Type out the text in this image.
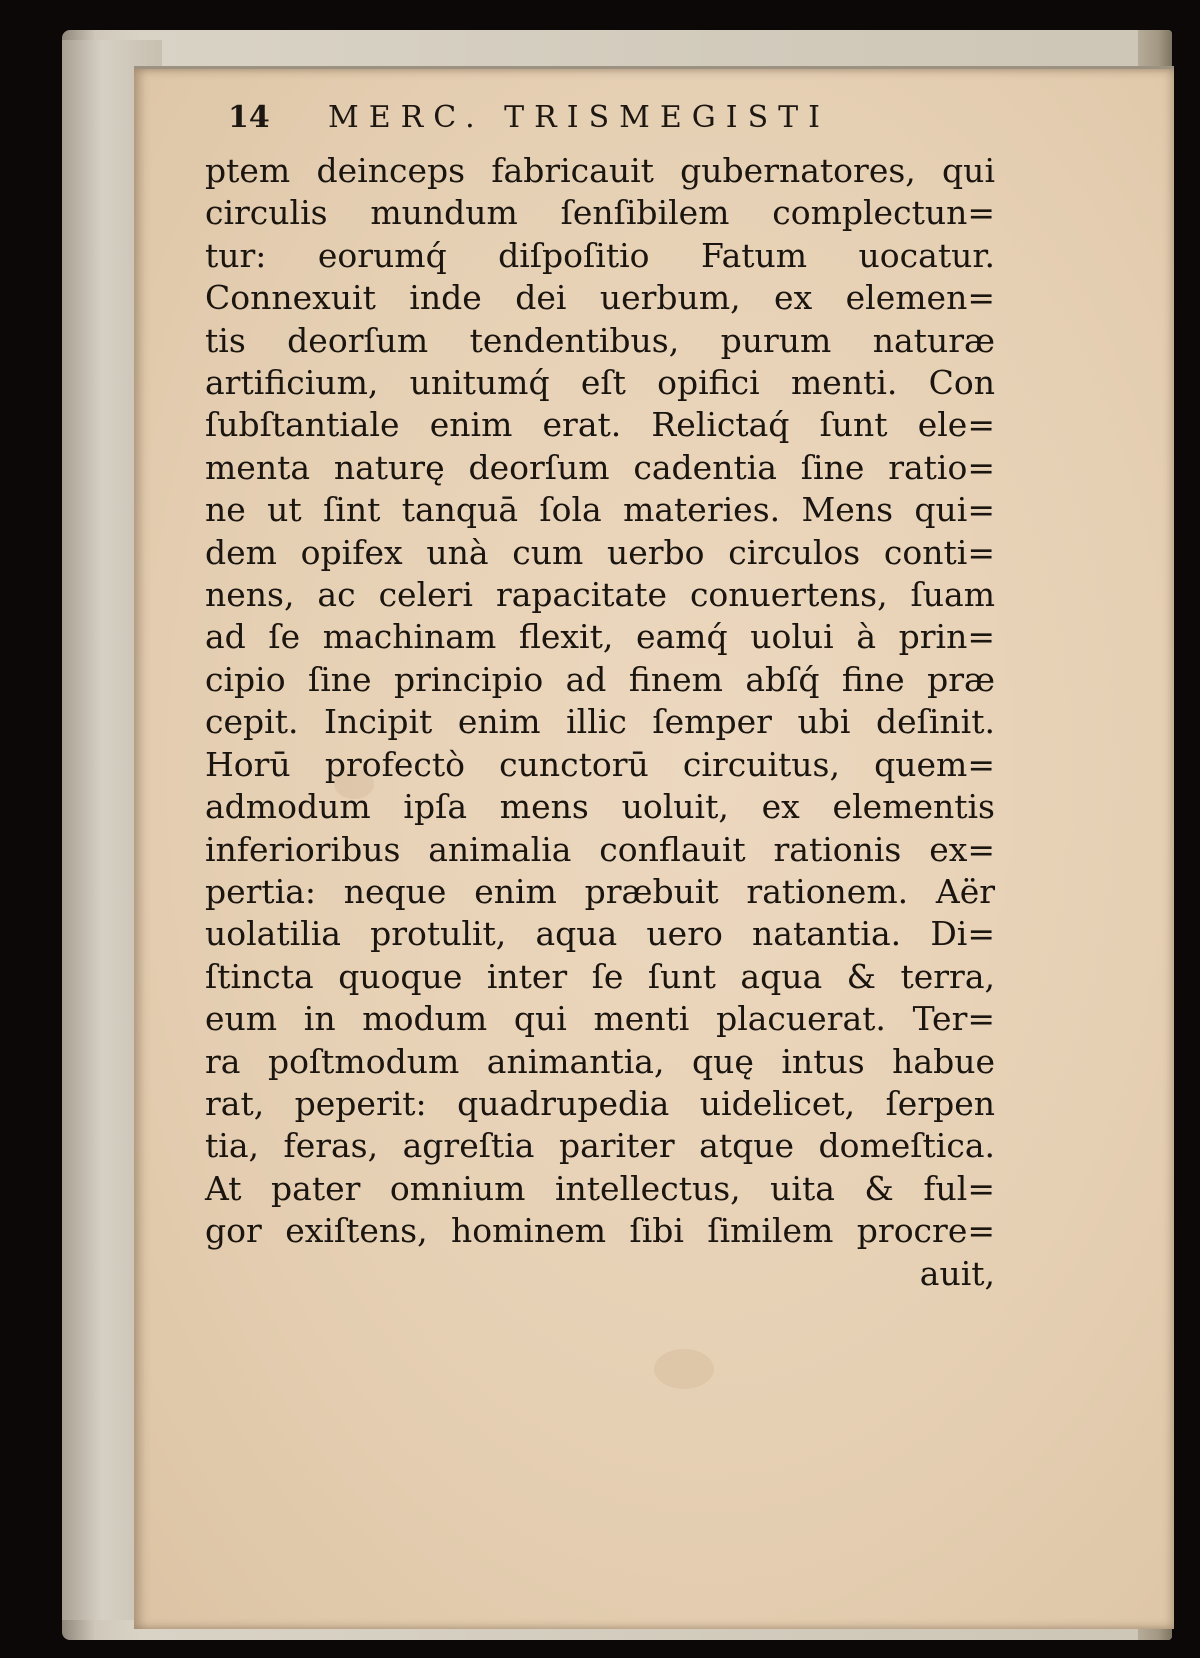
14 MERC. TRISMEGISTI
ptem deinceps fabricauit gubernatores, qui
circulis mundum ſenſibilem complectun=
tur: eorumq́ diſpoſitio Fatum uocatur.
Connexuit inde dei uerbum, ex elemen=
tis deorſum tendentibus, purum naturæ
artificium, unitumq́ eſt opifici menti. Con
ſubſtantiale enim erat. Relictaq́ ſunt ele=
menta naturę deorſum cadentia ſine ratio=
ne ut ſint tanquā ſola materies. Mens qui=
dem opifex unà cum uerbo circulos conti=
nens, ac celeri rapacitate conuertens, ſuam
ad ſe machinam flexit, eamq́ uolui à prin=
cipio ſine principio ad finem abſq́ fine præ
cepit. Incipit enim illic ſemper ubi deſinit.
Horū profectò cunctorū circuitus, quem=
admodum ipſa mens uoluit, ex elementis
inferioribus animalia conflauit rationis ex=
pertia: neque enim præbuit rationem. Aër
uolatilia protulit, aqua uero natantia. Di=
ſtincta quoque inter ſe ſunt aqua & terra,
eum in modum qui menti placuerat. Ter=
ra poſtmodum animantia, quę intus habue
rat, peperit: quadrupedia uidelicet, ſerpen
tia, feras, agreſtia pariter atque domeſtica.
At pater omnium intellectus, uita & ful=
gor exiſtens, hominem ſibi ſimilem procre=
auit,
